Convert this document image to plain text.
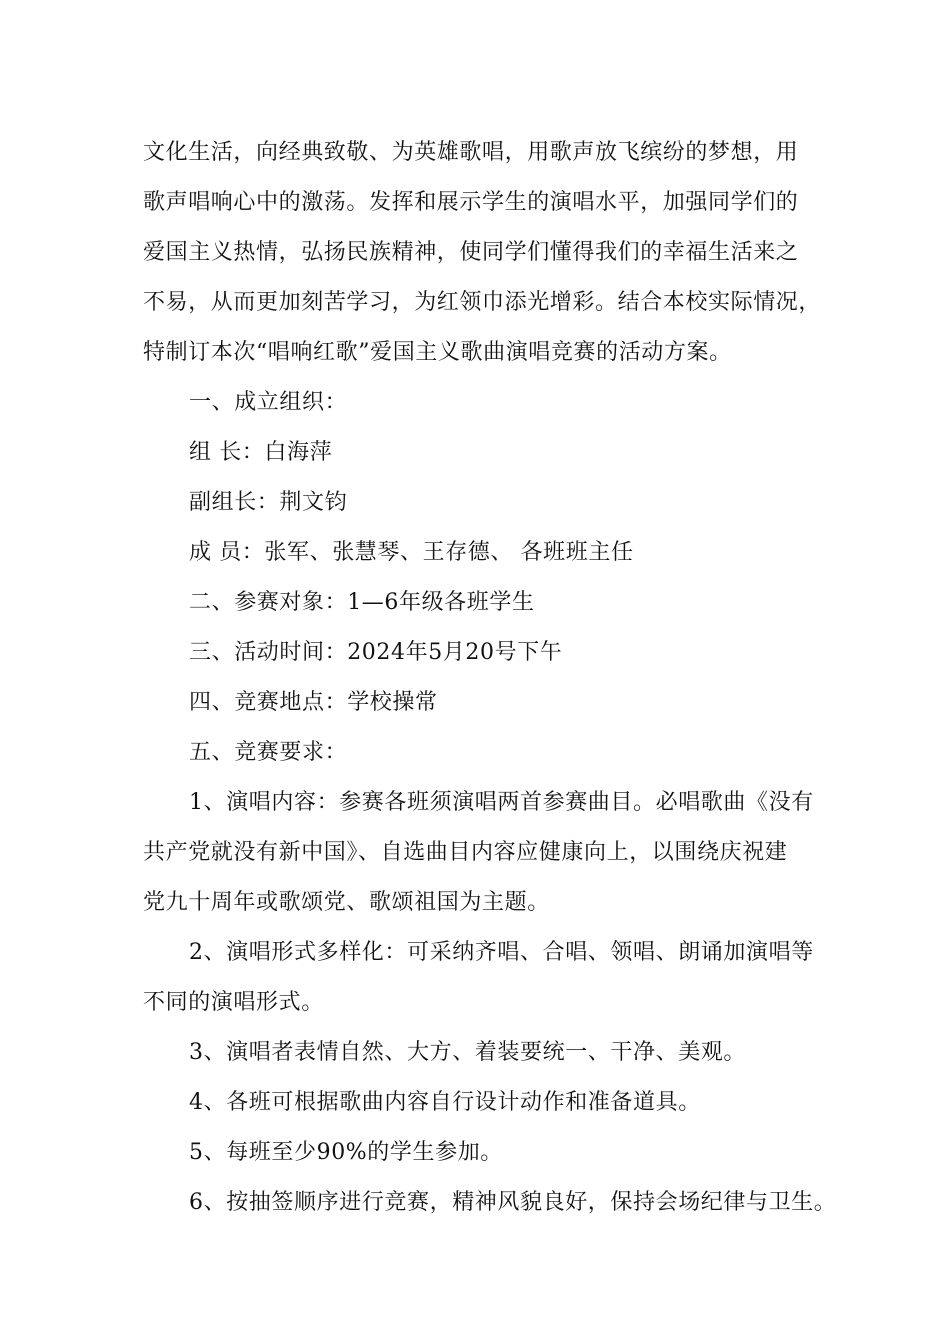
文化生活，向经典致敬、为英雄歌唱，用歌声放飞缤纷的梦想，用
歌声唱响心中的激荡。发挥和展示学生的演唱水平，加强同学们的
爱国主义热情，弘扬民族精神，使同学们懂得我们的幸福生活来之
不易，从而更加刻苦学习，为红领巾添光增彩。结合本校实际情况，
特制订本次“唱响红歌”爱国主义歌曲演唱竞赛的活动方案。
一、成立组织：
组 长：白海萍
副组长：荆文钧
成 员：张军、张慧琴、王存德、 各班班主任
二、参赛对象：1—6年级各班学生
三、活动时间：2024年5月20号下午
四、竞赛地点：学校操常
五、竞赛要求：
1、演唱内容：参赛各班须演唱两首参赛曲目。必唱歌曲《没有
共产党就没有新中国》、自选曲目内容应健康向上，以围绕庆祝建
党九十周年或歌颂党、歌颂祖国为主题。
2、演唱形式多样化：可采纳齐唱、合唱、领唱、朗诵加演唱等
不同的演唱形式。
3、演唱者表情自然、大方、着装要统一、干净、美观。
4、各班可根据歌曲内容自行设计动作和准备道具。
5、每班至少90%的学生参加。
6、按抽签顺序进行竞赛，精神风貌良好，保持会场纪律与卫生。
